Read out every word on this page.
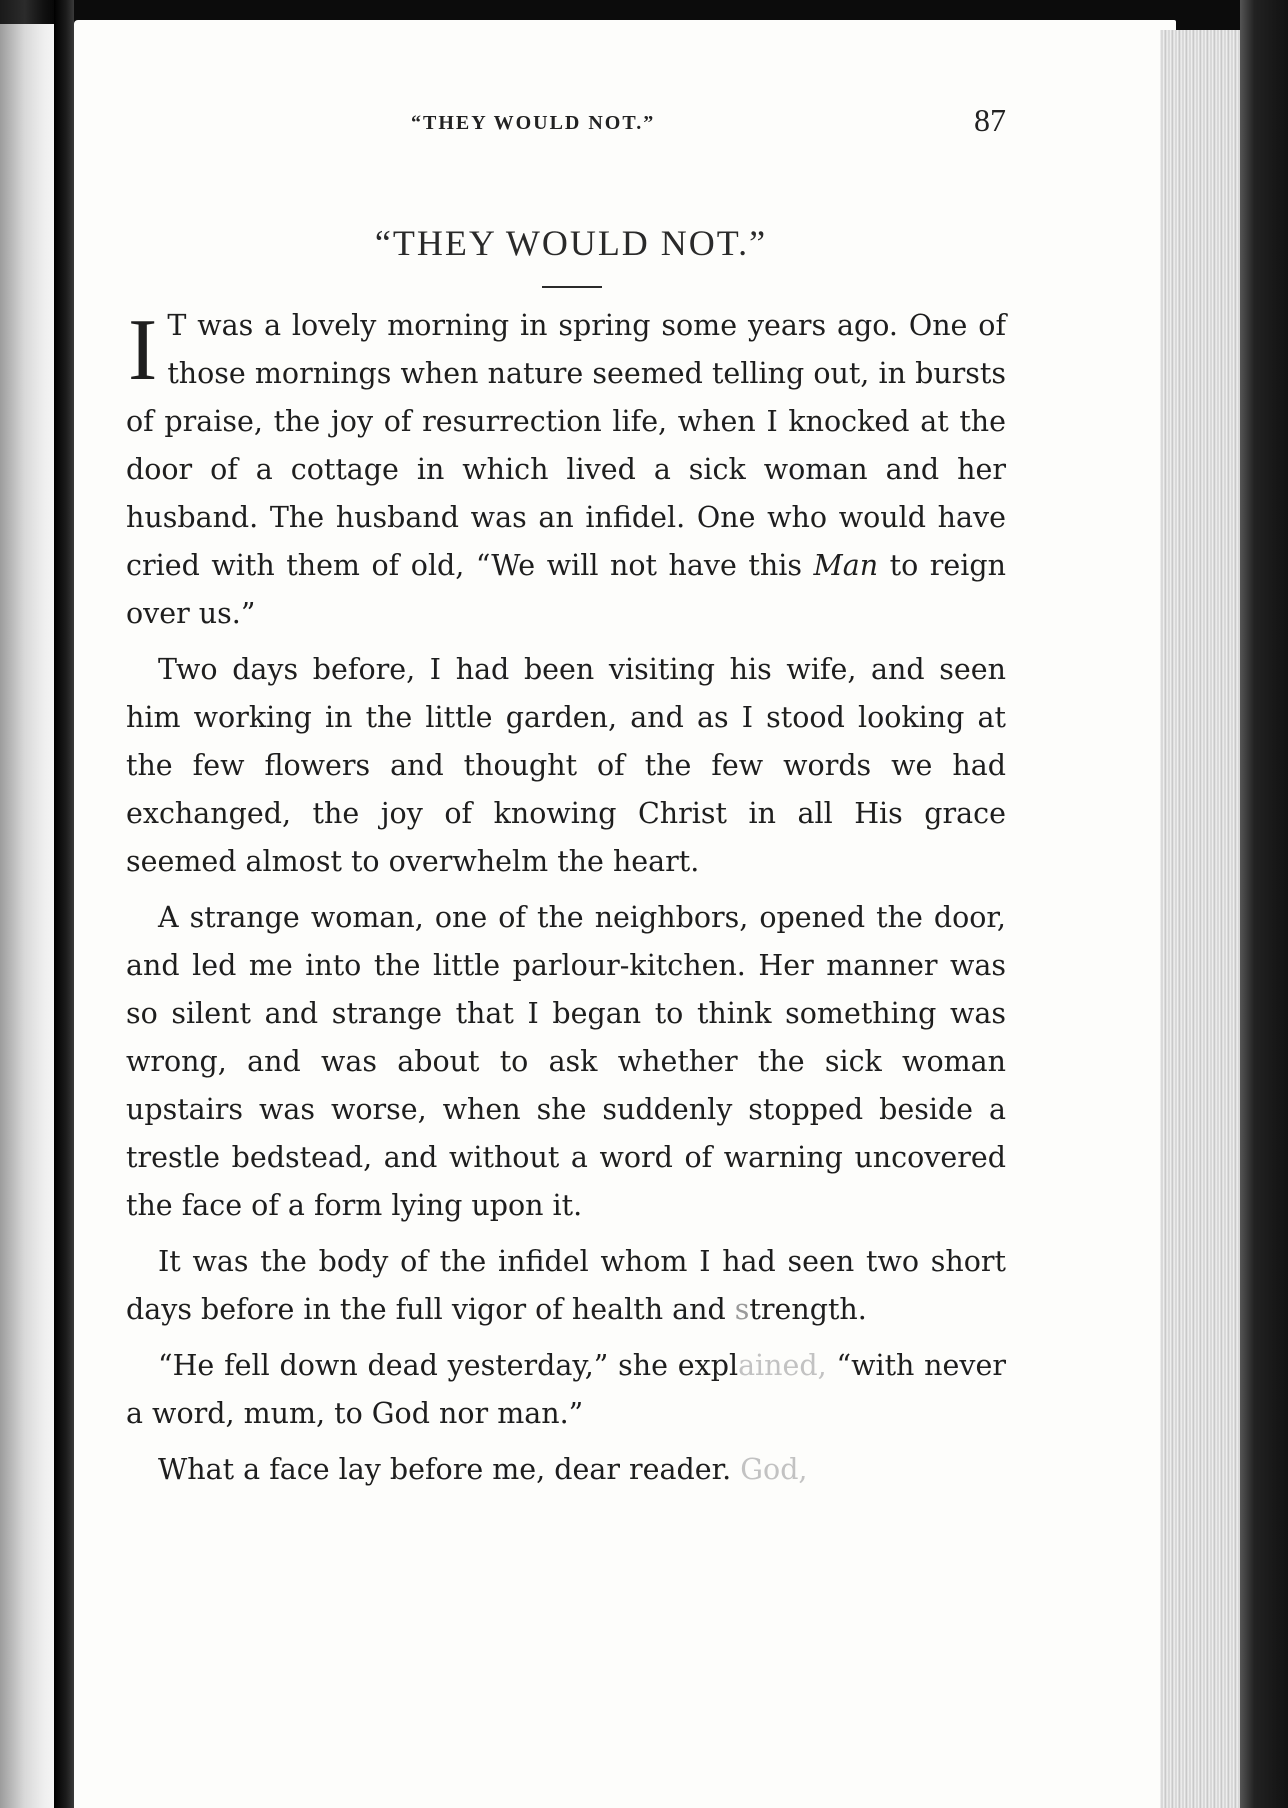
“THEY WOULD NOT.”	87
“THEY WOULD NOT.”

I T was a lovely morning in spring some years ago. One of those mornings when nature seemed telling out, in bursts of praise, the joy of resurrection life, when I knocked at the door of a cottage in which lived a sick woman and her husband. The husband was an infidel. One who would have cried with them of old, “We will not have this Man to reign over us.”

Two days before, I had been visiting his wife, and seen him working in the little garden, and as I stood looking at the few flowers and thought of the few words we had exchanged, the joy of knowing Christ in all His grace seemed almost to overwhelm the heart.

A strange woman, one of the neighbors, opened the door, and led me into the little parlour-kitchen. Her manner was so silent and strange that I began to think something was wrong, and was about to ask whether the sick woman upstairs was worse, when she suddenly stopped beside a trestle bedstead, and without a word of warning uncovered the face of a form lying upon it.

It was the body of the infidel whom I had seen two short days before in the full vigor of health and strength.

“He fell down dead yesterday,” she explained, “with never a word, mum, to God nor man.”

What a face lay before me, dear reader. God,
